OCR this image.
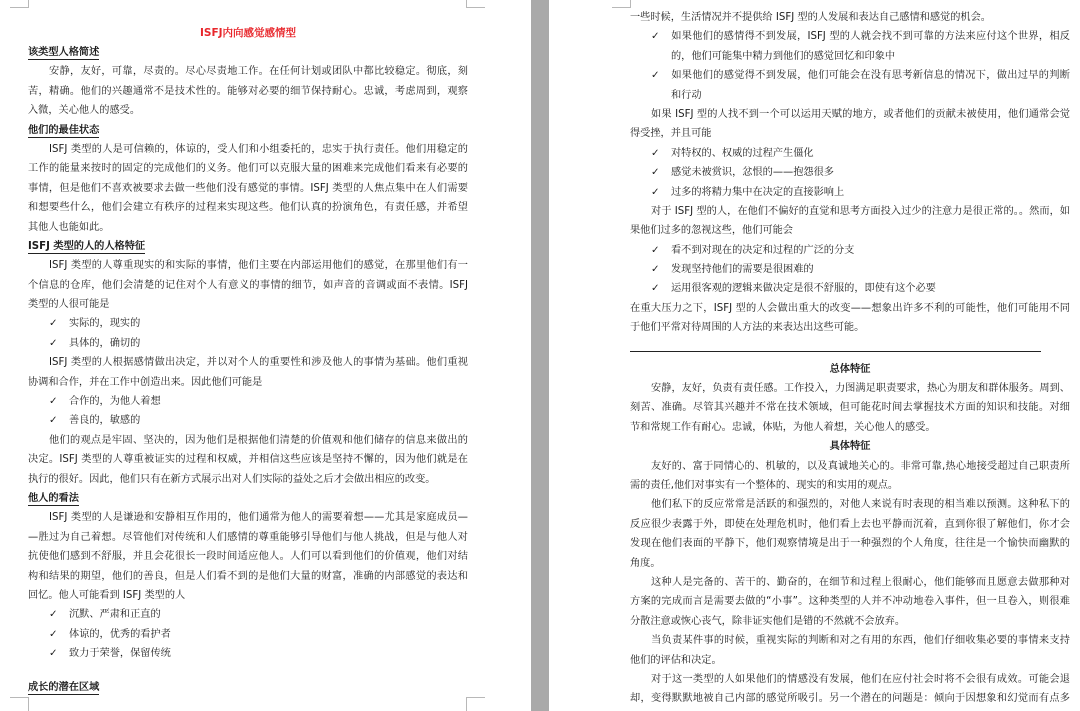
ISFJ内向感觉感情型
该类型人格简述
安静，友好，可靠，尽责的。尽心尽责地工作。在任何计划或团队中都比较稳定。彻底，刻
苦，精确。他们的兴趣通常不是技术性的。能够对必要的细节保持耐心。忠诚，考虑周到，观察
入微，关心他人的感受。
他们的最佳状态
ISFJ 类型的人是可信赖的，体谅的，受人们和小组委托的，忠实于执行责任。他们用稳定的
工作的能量来按时的固定的完成他们的义务。他们可以克服大量的困难来完成他们看来有必要的
事情，但是他们不喜欢被要求去做一些他们没有感觉的事情。ISFJ 类型的人焦点集中在人们需要
和想要些什么，他们会建立有秩序的过程来实现这些。他们认真的扮演角色，有责任感，并希望
其他人也能如此。
ISFJ 类型的人的人格特征
ISFJ 类型的人尊重现实的和实际的事情，他们主要在内部运用他们的感觉，在那里他们有一
个信息的仓库，他们会清楚的记住对个人有意义的事情的细节，如声音的音调或面不表情。ISFJ
类型的人很可能是
✓ 实际的，现实的
✓ 具体的，确切的
ISFJ 类型的人根据感情做出决定，并以对个人的重要性和涉及他人的事情为基础。他们重视
协调和合作，并在工作中创造出来。因此他们可能是
✓ 合作的，为他人着想
✓ 善良的，敏感的
他们的观点是牢固、坚决的，因为他们是根据他们清楚的价值观和他们储存的信息来做出的
决定。ISFJ 类型的人尊重被证实的过程和权威，并相信这些应该是坚持不懈的，因为他们就是在
执行的很好。因此，他们只有在新方式展示出对人们实际的益处之后才会做出相应的改变。
他人的看法
ISFJ 类型的人是谦逊和安静相互作用的，他们通常为他人的需要着想——尤其是家庭成员—
—胜过为自己着想。尽管他们对传统和人们感情的尊重能够引导他们与他人挑战，但是与他人对
抗使他们感到不舒服，并且会花很长一段时间适应他人。人们可以看到他们的价值观，他们对结
构和结果的期望，他们的善良，但是人们看不到的是他们大量的财富，准确的内部感觉的表达和
回忆。他人可能看到 ISFJ 类型的人
✓ 沉默、严肃和正直的
✓ 体谅的，优秀的看护者
✓ 致力于荣誉，保留传统
成长的潜在区域
一些时候，生活情况并不提供给 ISFJ 型的人发展和表达自己感情和感觉的机会。
✓ 如果他们的感情得不到发展，ISFJ 型的人就会找不到可靠的方法来应付这个世界，相反
的，他们可能集中精力到他们的感觉回忆和印象中
✓ 如果他们的感觉得不到发展，他们可能会在没有思考新信息的情况下，做出过早的判断
和行动
如果 ISFJ 型的人找不到一个可以运用天赋的地方，或者他们的贡献未被使用，他们通常会觉
得受挫，并且可能
✓ 对特权的、权威的过程产生僵化
✓ 感觉未被赏识，忿恨的——抱怨很多
✓ 过多的将精力集中在决定的直接影响上
对于 ISFJ 型的人，在他们不偏好的直觉和思考方面投入过少的注意力是很正常的。。然而，如
果他们过多的忽视这些，他们可能会
✓ 看不到对现在的决定和过程的广泛的分支
✓ 发现坚持他们的需要是很困难的
✓ 运用很客观的逻辑来做决定是很不舒服的，即使有这个必要
在重大压力之下，ISFJ 型的人会做出重大的改变——想象出许多不利的可能性，他们可能用不同
于他们平常对待周围的人方法的来表达出这些可能。
总体特征
安静，友好，负责有责任感。工作投入，力图满足职责要求，热心为朋友和群体服务。周到、
刻苦、准确。尽管其兴趣并不常在技术领域，但可能花时间去掌握技术方面的知识和技能。对细
节和常规工作有耐心。忠诚，体贴，为他人着想，关心他人的感受。
具体特征
友好的、富于同情心的、机敏的，以及真诚地关心的。非常可靠,热心地接受超过自己职责所
需的责任,他们对事实有一个整体的、现实的和实用的观点。
他们私下的反应常常是活跃的和强烈的，对他人来说有时表现的相当难以预测。这种私下的
反应很少表露于外，即使在处理危机时，他们看上去也平静而沉着，直到你很了解他们，你才会
发现在他们表面的平静下，他们观察情境是出于一种强烈的个人角度，往往是一个愉快而幽默的
角度。
这种人是完备的、苦干的、勤奋的，在细节和过程上很耐心，他们能够而且愿意去做那种对
方案的完成而言是需要去做的“小事”。这种类型的人并不冲动地卷入事件，但一旦卷入，则很难
分散注意或恢心丧气，除非证实他们是错的不然就不会放弃。
当负责某件事的时候，重视实际的判断和对之有用的东西，他们仔细收集必要的事情来支持
他们的评估和决定。
对于这一类型的人如果他们的情感没有发展，他们在应付社会时将不会很有成效。可能会退
却，变得默默地被自己内部的感觉所吸引。另一个潜在的问题是：倾向于因想象和幻觉而有点多
